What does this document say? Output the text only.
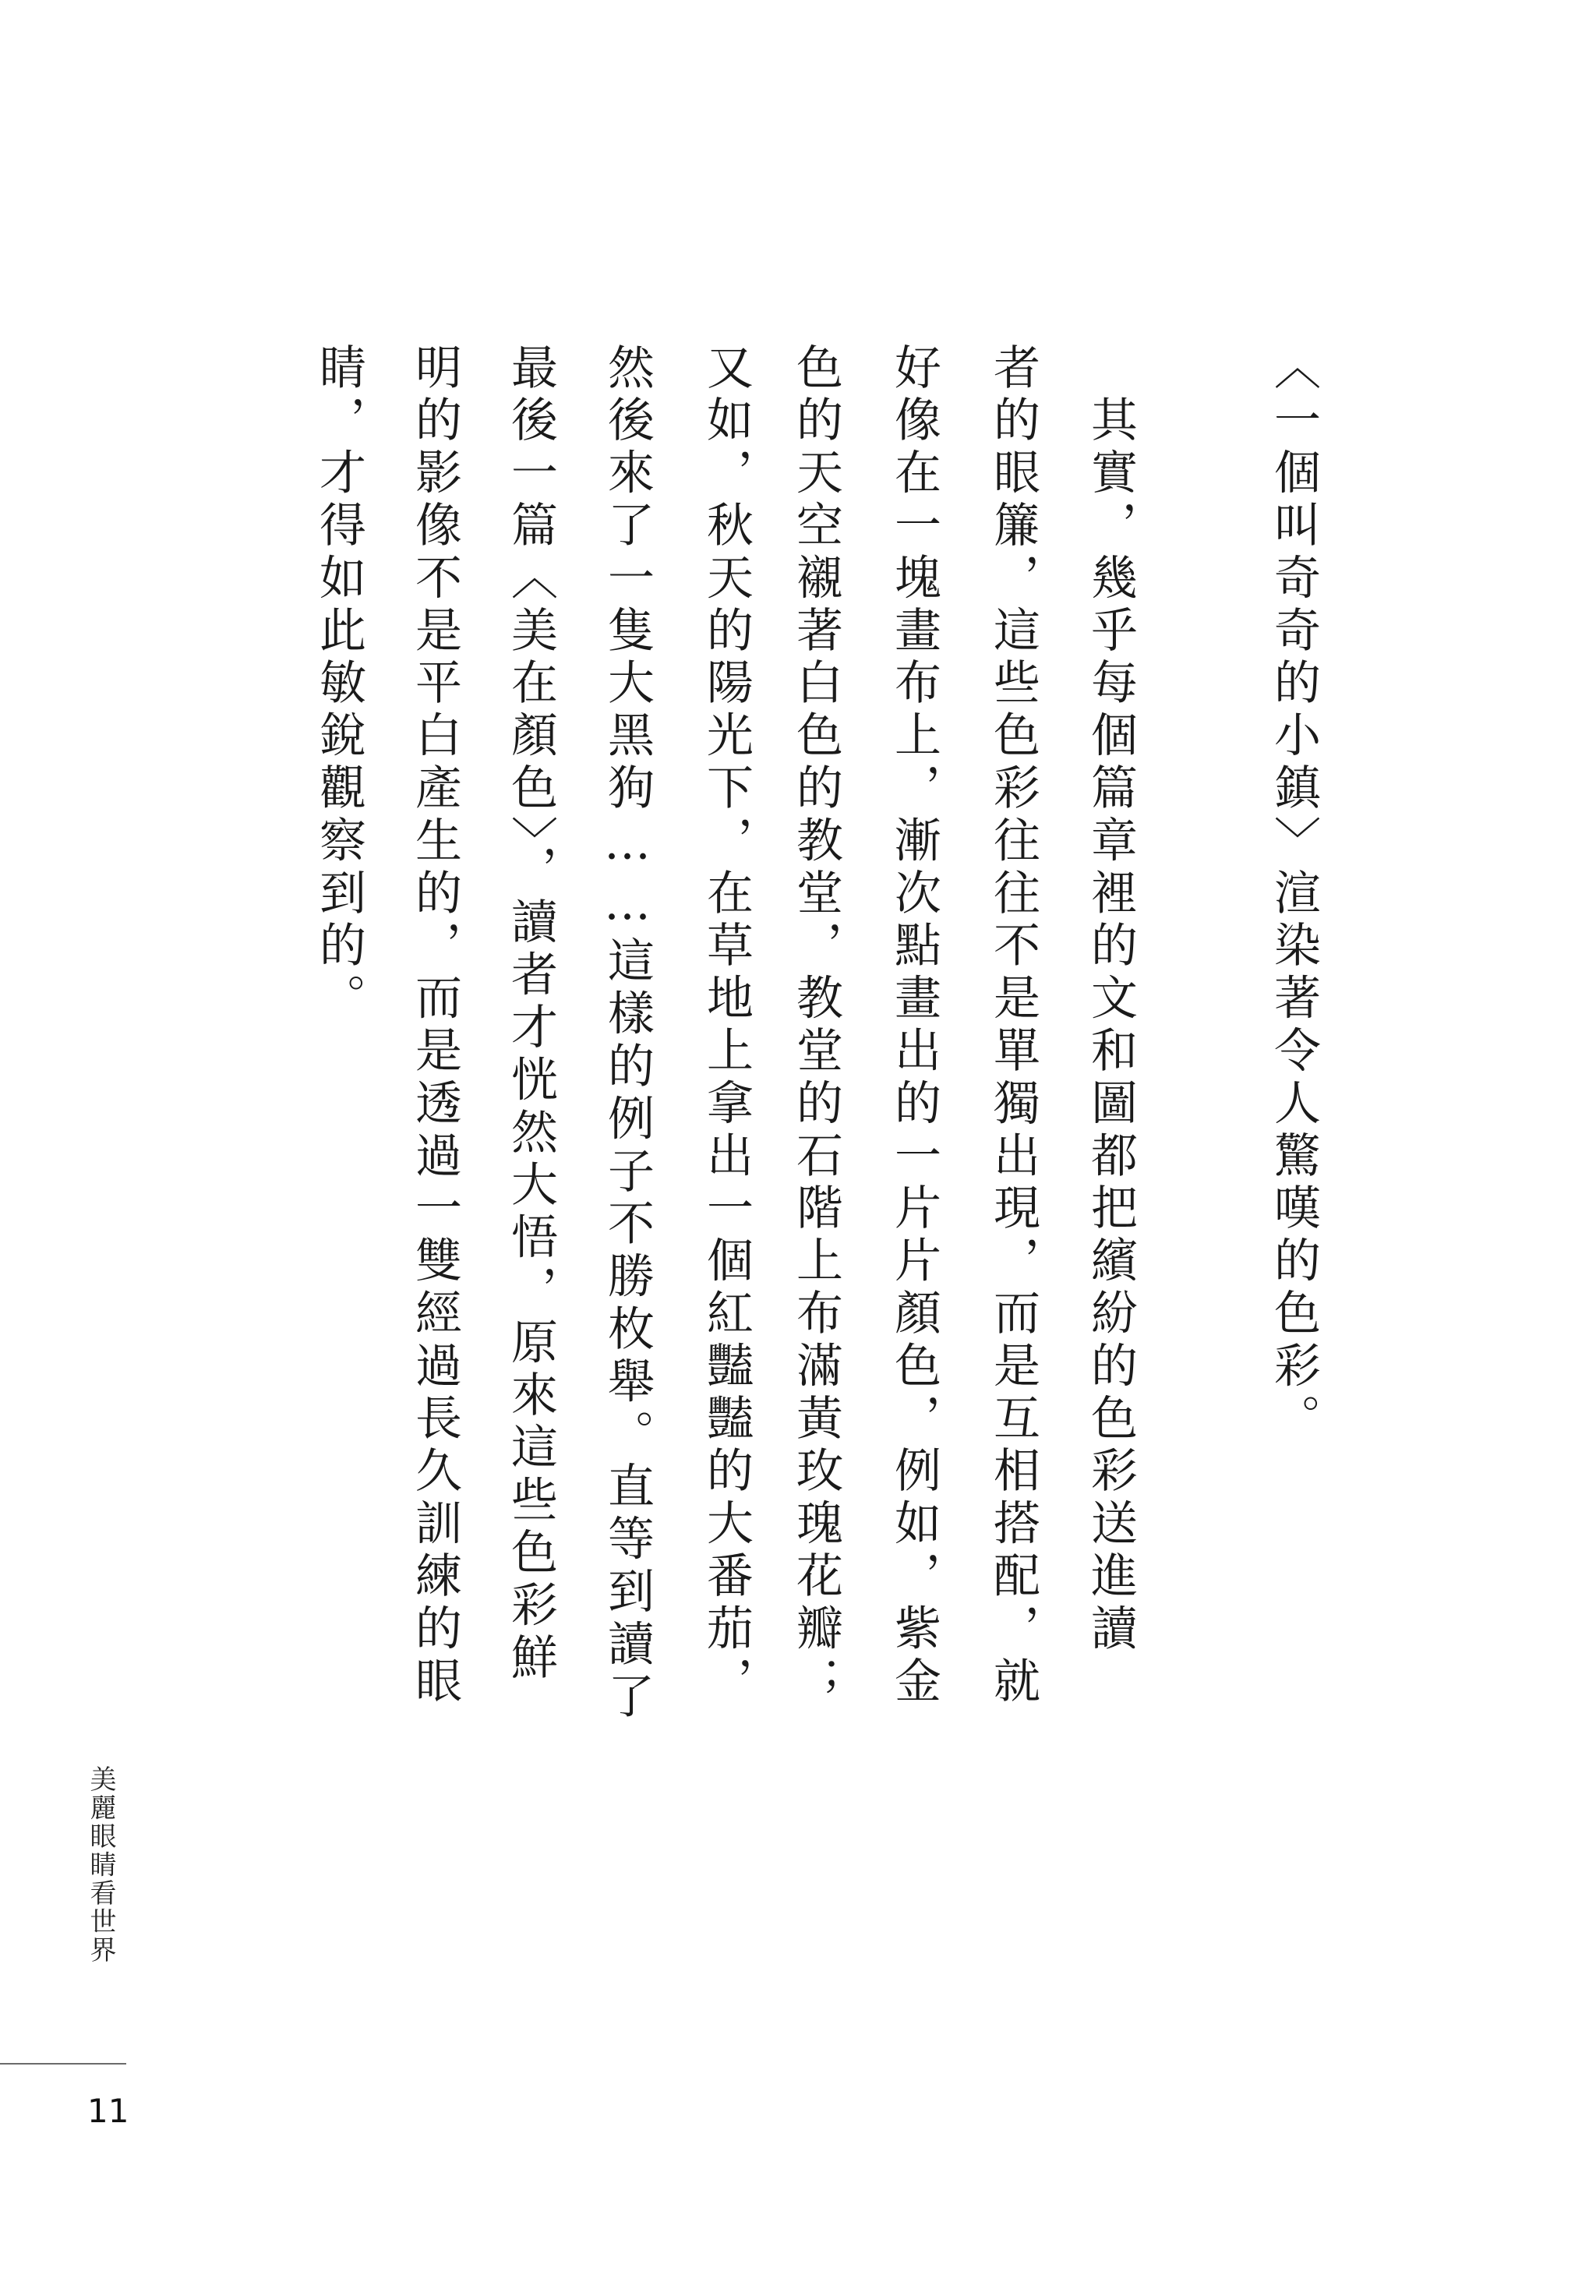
〈一個叫奇奇的小鎮〉渲染著令人驚嘆的色彩。
　其實，幾乎每個篇章裡的文和圖都把繽紛的色彩送進讀
者的眼簾，這些色彩往往不是單獨出現，而是互相搭配，就
好像在一塊畫布上，漸次點畫出的一片片顏色，例如，紫金
色的天空襯著白色的教堂，教堂的石階上布滿黃玫瑰花瓣；
又如，秋天的陽光下，在草地上拿出一個紅豔豔的大番茄，
然後來了一隻大黑狗……這樣的例子不勝枚舉。直等到讀了
最後一篇〈美在顏色〉，讀者才恍然大悟，原來這些色彩鮮
明的影像不是平白產生的，而是透過一雙經過長久訓練的眼
睛，才得如此敏銳觀察到的。
美麗眼睛看世界
11
